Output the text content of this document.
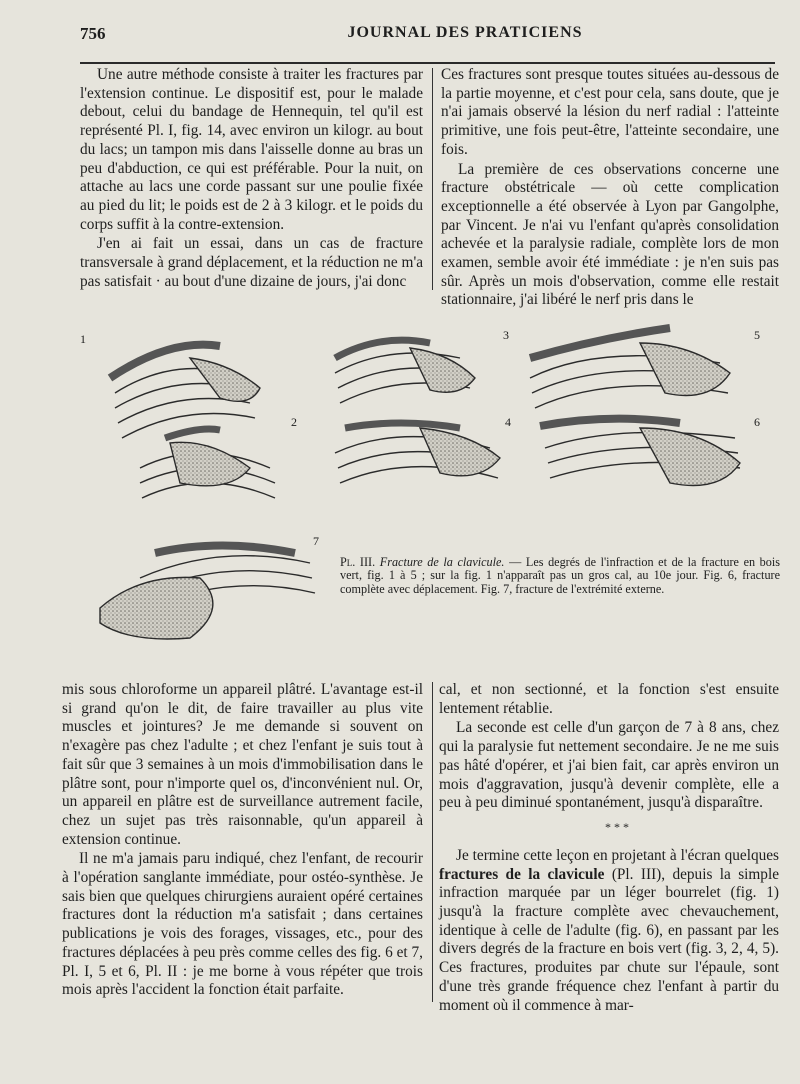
756	JOURNAL DES PRATICIENS

Une autre méthode consiste à traiter les fractures par l'extension continue. Le dispositif est, pour le malade debout, celui du bandage de Hennequin, tel qu'il est représenté Pl. I, fig. 14, avec environ un kilogr. au bout du lacs; un tampon mis dans l'aisselle donne au bras un peu d'abduction, ce qui est préférable. Pour la nuit, on attache au lacs une corde passant sur une poulie fixée au pied du lit; le poids est de 2 à 3 kilogr. et le poids du corps suffit à la contre-extension.

J'en ai fait un essai, dans un cas de fracture transversale à grand déplacement, et la réduction ne m'a pas satisfait · au bout d'une dizaine de jours, j'ai donc

Ces fractures sont presque toutes situées au-dessous de la partie moyenne, et c'est pour cela, sans doute, que je n'ai jamais observé la lésion du nerf radial : l'atteinte primitive, une fois peut-être, l'atteinte secondaire, une fois.

La première de ces observations concerne une fracture obstétricale — où cette complication exceptionnelle a été observée à Lyon par Gangolphe, par Vincent. Je n'ai vu l'enfant qu'après consolidation achevée et la paralysie radiale, complète lors de mon examen, semble avoir été immédiate : je n'en suis pas sûr. Après un mois d'observation, comme elle restait stationnaire, j'ai libéré le nerf pris dans le

1
2
3
4
5
6
7
Pl. III. Fracture de la clavicule. — Les degrés de l'infraction et de la fracture en bois vert, fig. 1 à 5 ; sur la fig. 1 n'apparaît pas un gros cal, au 10e jour. Fig. 6, fracture complète avec déplacement. Fig. 7, fracture de l'extrémité externe.

mis sous chloroforme un appareil plâtré. L'avantage est-il si grand qu'on le dit, de faire travailler au plus vite muscles et jointures? Je me demande si souvent on n'exagère pas chez l'adulte ; et chez l'enfant je suis tout à fait sûr que 3 semaines à un mois d'immobilisation dans le plâtre sont, pour n'importe quel os, d'inconvénient nul. Or, un appareil en plâtre est de surveillance autrement facile, chez un sujet pas très raisonnable, qu'un appareil à extension continue.

Il ne m'a jamais paru indiqué, chez l'enfant, de recourir à l'opération sanglante immédiate, pour ostéo-synthèse. Je sais bien que quelques chirurgiens auraient opéré certaines fractures dont la réduction m'a satisfait ; dans certaines publications je vois des forages, vissages, etc., pour des fractures déplacées à peu près comme celles des fig. 6 et 7, Pl. I, 5 et 6, Pl. II : je me borne à vous répéter que trois mois après l'accident la fonction était parfaite.

cal, et non sectionné, et la fonction s'est ensuite lentement rétablie.

La seconde est celle d'un garçon de 7 à 8 ans, chez qui la paralysie fut nettement secondaire. Je ne me suis pas hâté d'opérer, et j'ai bien fait, car après environ un mois d'aggravation, jusqu'à devenir complète, elle a peu à peu diminué spontanément, jusqu'à disparaître.

Je termine cette leçon en projetant à l'écran quelques fractures de la clavicule (Pl. III), depuis la simple infraction marquée par un léger bourrelet (fig. 1) jusqu'à la fracture complète avec chevauchement, identique à celle de l'adulte (fig. 6), en passant par les divers degrés de la fracture en bois vert (fig. 3, 2, 4, 5). Ces fractures, produites par chute sur l'épaule, sont d'une très grande fréquence chez l'enfant à partir du moment où il commence à mar-

* * *
